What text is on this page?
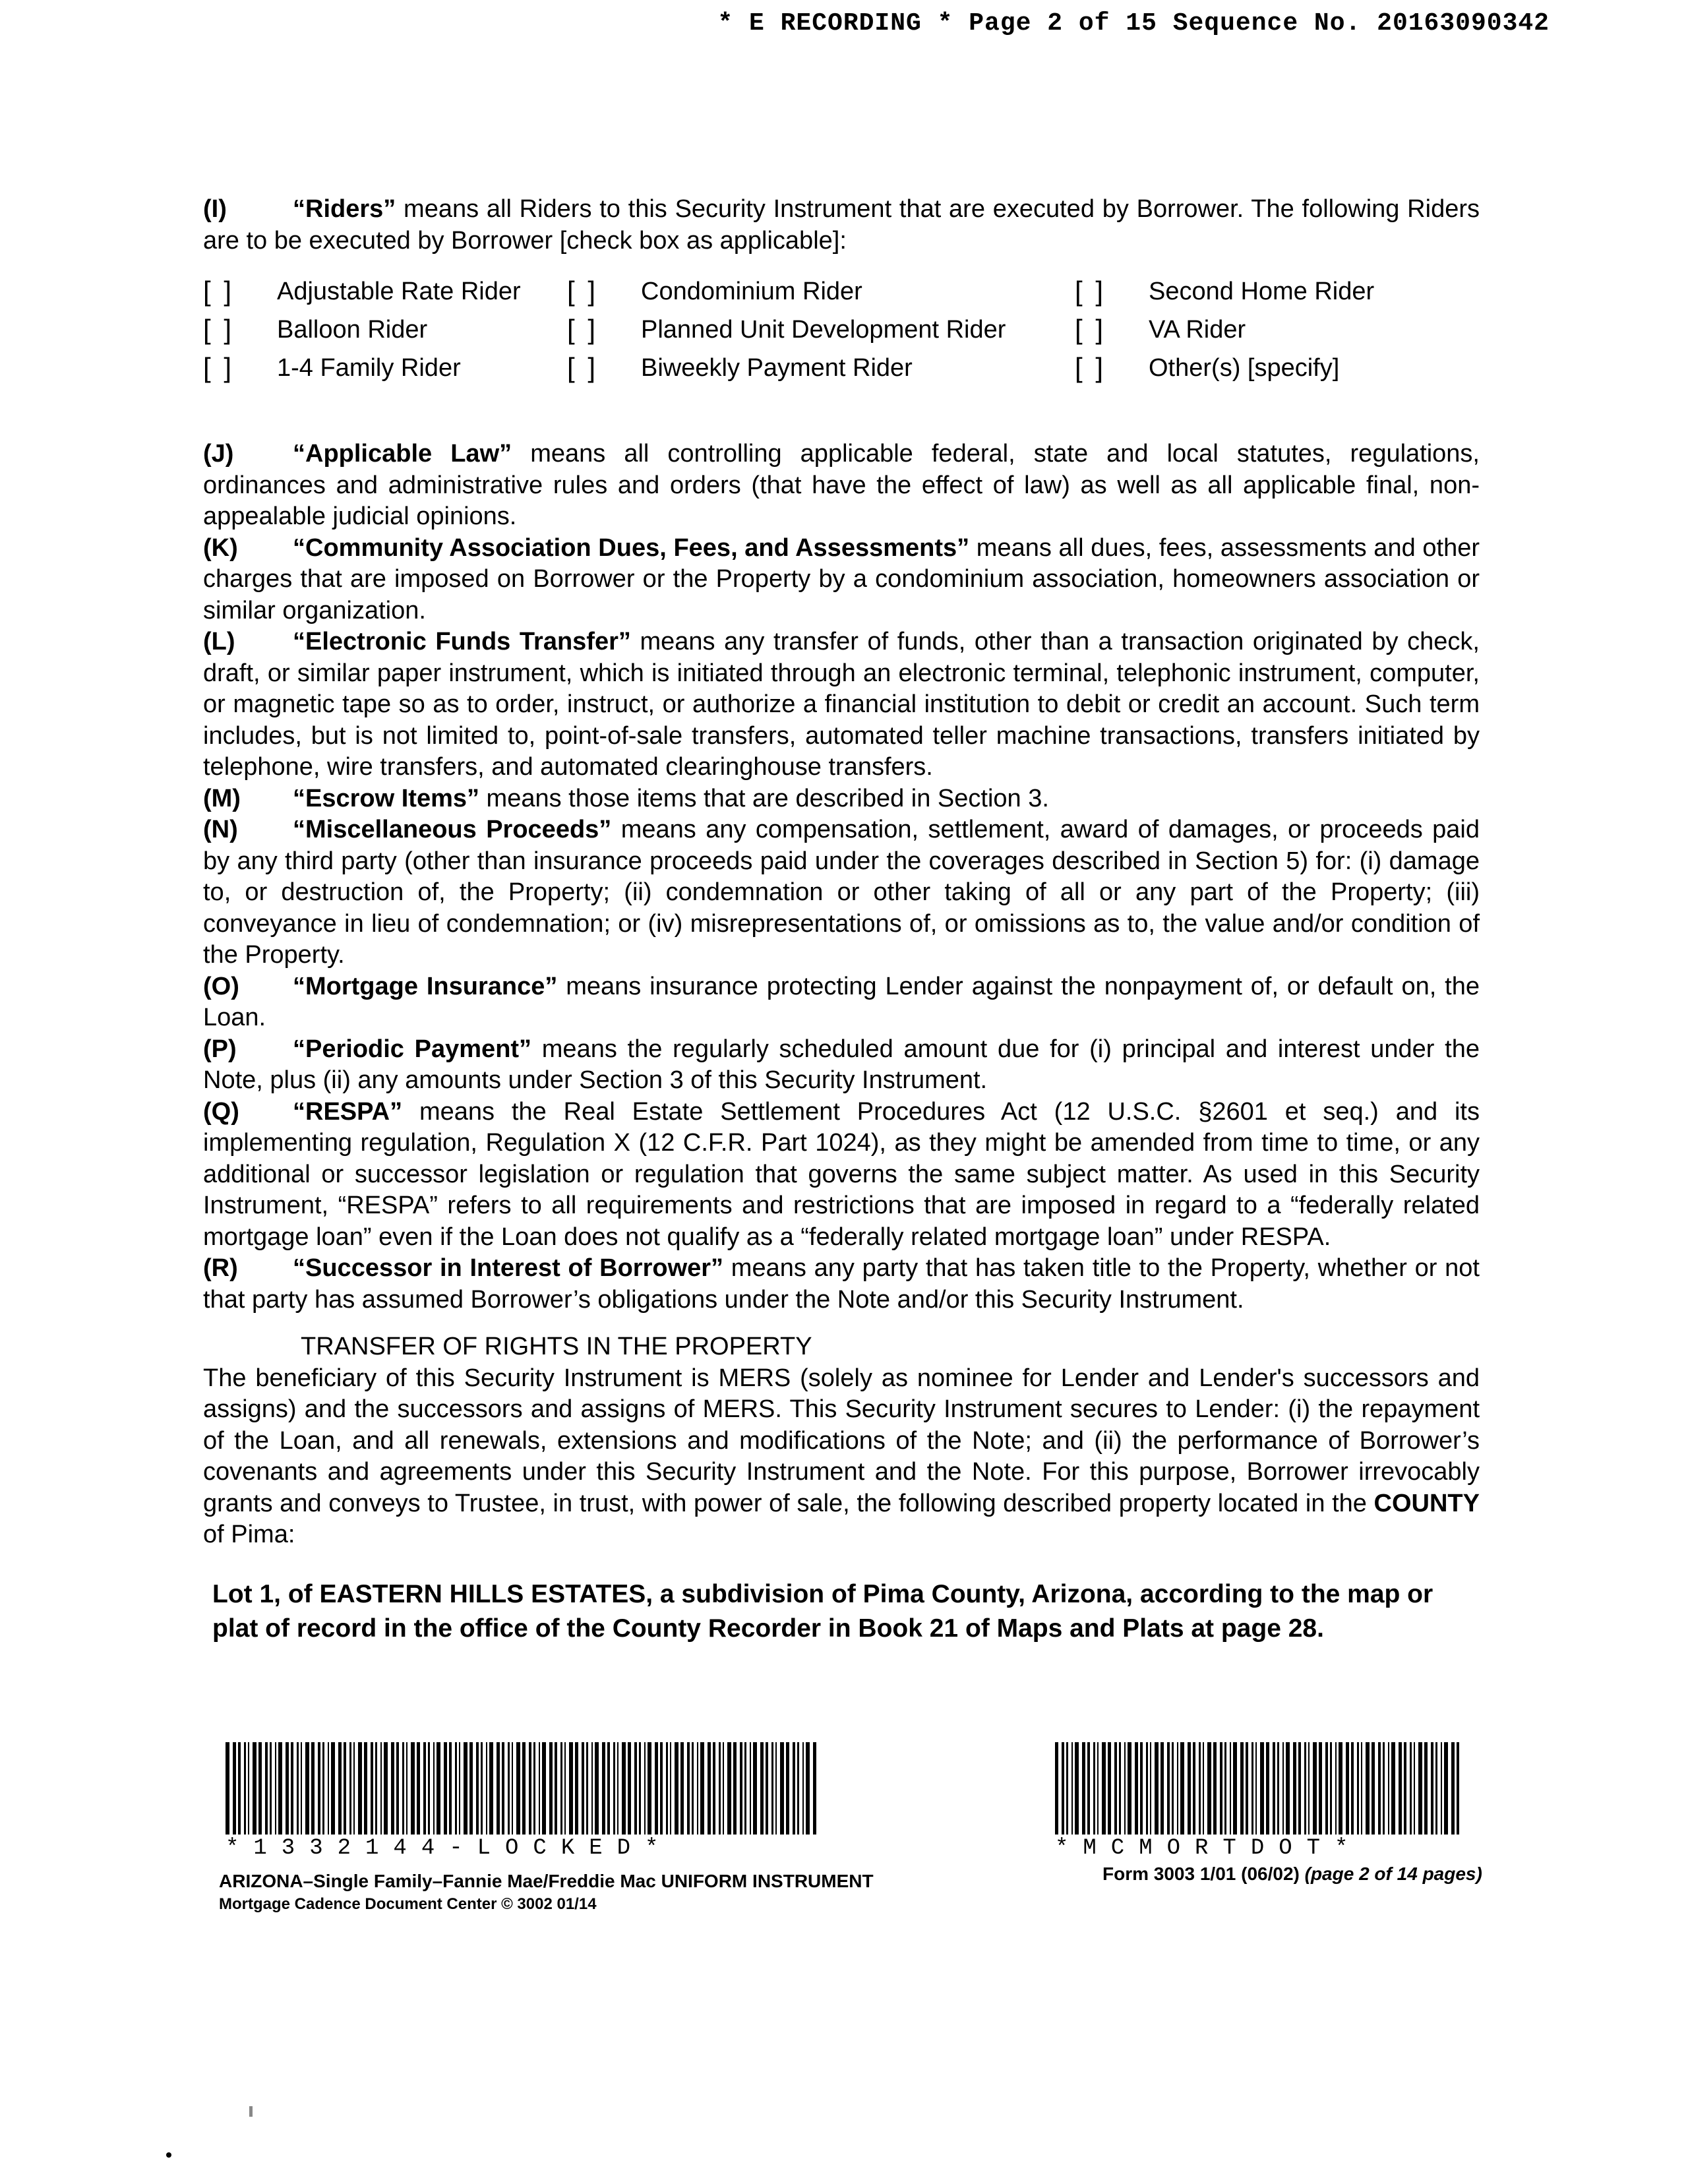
* E RECORDING * Page 2 of 15 Sequence No. 20163090342

(I)	“Riders” means all Riders to this Security Instrument that are executed by Borrower. The following Riders are to be executed by Borrower [check box as applicable]:

[ ]	Adjustable Rate Rider	[ ]	Condominium Rider	[ ]	Second Home Rider
[ ]	Balloon Rider	[ ]	Planned Unit Development Rider	[ ]	VA Rider
[ ]	1-4 Family Rider	[ ]	Biweekly Payment Rider	[ ]	Other(s) [specify]

(J) “Applicable Law” means all controlling applicable federal, state and local statutes, regulations, ordinances and administrative rules and orders (that have the effect of law) as well as all applicable final, non-appealable judicial opinions.

(K) “Community Association Dues, Fees, and Assessments” means all dues, fees, assessments and other charges that are imposed on Borrower or the Property by a condominium association, homeowners association or similar organization.

(L) “Electronic Funds Transfer” means any transfer of funds, other than a transaction originated by check, draft, or similar paper instrument, which is initiated through an electronic terminal, telephonic instrument, computer, or magnetic tape so as to order, instruct, or authorize a financial institution to debit or credit an account. Such term includes, but is not limited to, point-of-sale transfers, automated teller machine transactions, transfers initiated by telephone, wire transfers, and automated clearinghouse transfers.

(M) “Escrow Items” means those items that are described in Section 3.

(N) “Miscellaneous Proceeds” means any compensation, settlement, award of damages, or proceeds paid by any third party (other than insurance proceeds paid under the coverages described in Section 5) for: (i) damage to, or destruction of, the Property; (ii) condemnation or other taking of all or any part of the Property; (iii) conveyance in lieu of condemnation; or (iv) misrepresentations of, or omissions as to, the value and/or condition of the Property.

(O) “Mortgage Insurance” means insurance protecting Lender against the nonpayment of, or default on, the Loan.

(P) “Periodic Payment” means the regularly scheduled amount due for (i) principal and interest under the Note, plus (ii) any amounts under Section 3 of this Security Instrument.

(Q) “RESPA” means the Real Estate Settlement Procedures Act (12 U.S.C. §2601 et seq.) and its implementing regulation, Regulation X (12 C.F.R. Part 1024), as they might be amended from time to time, or any additional or successor legislation or regulation that governs the same subject matter. As used in this Security Instrument, “RESPA” refers to all requirements and restrictions that are imposed in regard to a “federally related mortgage loan” even if the Loan does not qualify as a “federally related mortgage loan” under RESPA.

(R) “Successor in Interest of Borrower” means any party that has taken title to the Property, whether or not that party has assumed Borrower’s obligations under the Note and/or this Security Instrument.

TRANSFER OF RIGHTS IN THE PROPERTY

The beneficiary of this Security Instrument is MERS (solely as nominee for Lender and Lender's successors and assigns) and the successors and assigns of MERS. This Security Instrument secures to Lender: (i) the repayment of the Loan, and all renewals, extensions and modifications of the Note; and (ii) the performance of Borrower’s covenants and agreements under this Security Instrument and the Note. For this purpose, Borrower irrevocably grants and conveys to Trustee, in trust, with power of sale, the following described property located in the COUNTY of Pima:

Lot 1, of EASTERN HILLS ESTATES, a subdivision of Pima County, Arizona, according to the map or plat of record in the office of the County Recorder in Book 21 of Maps and Plats at page 28.

*1332144-LOCKED*	*MCMORTDOT*
ARIZONA–Single Family–Fannie Mae/Freddie Mac UNIFORM INSTRUMENT
Mortgage Cadence Document Center © 3002 01/14
Form 3003 1/01 (06/02) (page 2 of 14 pages)
